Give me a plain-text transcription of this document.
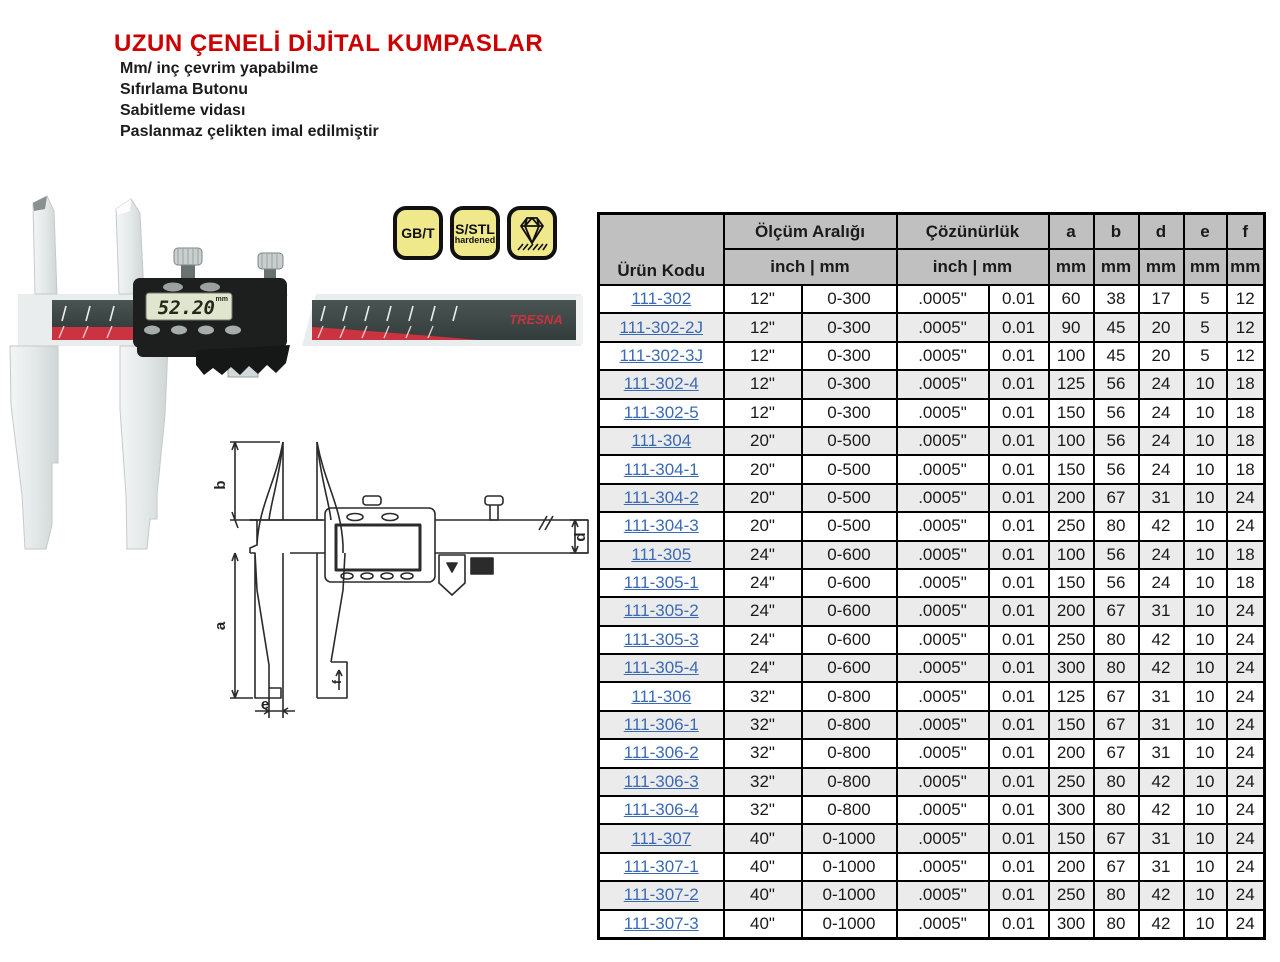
UZUN ÇENELİ DİJİTAL KUMPASLAR
Mm/ inç çevrim yapabilme
Sıfırlama Butonu
Sabitleme vidası
Paslanmaz çelikten imal edilmiştir
GB/T S/STL
hardened
TRESNA
52.20 mm
b
a
e
d
f
Ürün Kodu	Ölçüm Aralığı		Çözünürlük		a	b	d	e	f
	inch | mm		inch | mm		mm	mm	mm	mm	mm
111-302	12"	0-300	.0005"	0.01	60	38	17	5	12
111-302-2J	12"	0-300	.0005"	0.01	90	45	20	5	12
111-302-3J	12"	0-300	.0005"	0.01	100	45	20	5	12
111-302-4	12"	0-300	.0005"	0.01	125	56	24	10	18
111-302-5	12"	0-300	.0005"	0.01	150	56	24	10	18
111-304	20"	0-500	.0005"	0.01	100	56	24	10	18
111-304-1	20"	0-500	.0005"	0.01	150	56	24	10	18
111-304-2	20"	0-500	.0005"	0.01	200	67	31	10	24
111-304-3	20"	0-500	.0005"	0.01	250	80	42	10	24
111-305	24"	0-600	.0005"	0.01	100	56	24	10	18
111-305-1	24"	0-600	.0005"	0.01	150	56	24	10	18
111-305-2	24"	0-600	.0005"	0.01	200	67	31	10	24
111-305-3	24"	0-600	.0005"	0.01	250	80	42	10	24
111-305-4	24"	0-600	.0005"	0.01	300	80	42	10	24
111-306	32"	0-800	.0005"	0.01	125	67	31	10	24
111-306-1	32"	0-800	.0005"	0.01	150	67	31	10	24
111-306-2	32"	0-800	.0005"	0.01	200	67	31	10	24
111-306-3	32"	0-800	.0005"	0.01	250	80	42	10	24
111-306-4	32"	0-800	.0005"	0.01	300	80	42	10	24
111-307	40"	0-1000	.0005"	0.01	150	67	31	10	24
111-307-1	40"	0-1000	.0005"	0.01	200	67	31	10	24
111-307-2	40"	0-1000	.0005"	0.01	250	80	42	10	24
111-307-3	40"	0-1000	.0005"	0.01	300	80	42	10	24
